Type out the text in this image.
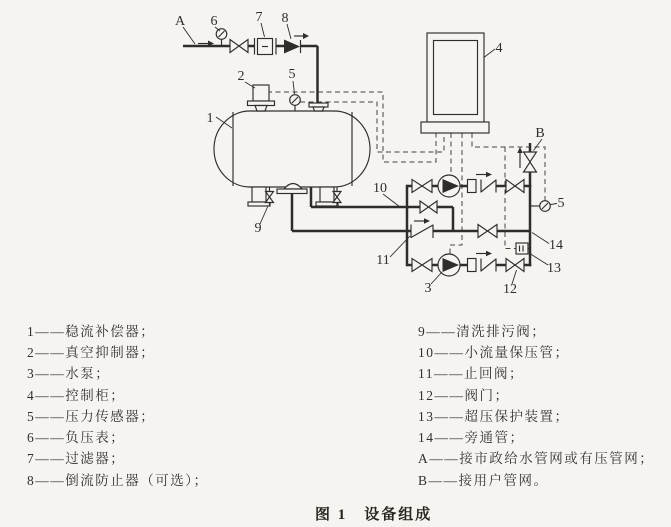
A 6	7 8
2	5
1
4
9
10
11
3	12
13
14
B
5
1——稳流补偿器；
2——真空抑制器；
3——水泵；
4——控制柜；
5——压力传感器；
6——负压表；
7——过滤器；
8——倒流防止器（可选）；
9——清洗排污阀；
10——小流量保压管；
11——止回阀；
12——阀门；
13——超压保护装置；
14——旁通管；
A——接市政给水管网或有压管网；
B——接用户管网。
图 1　设备组成
